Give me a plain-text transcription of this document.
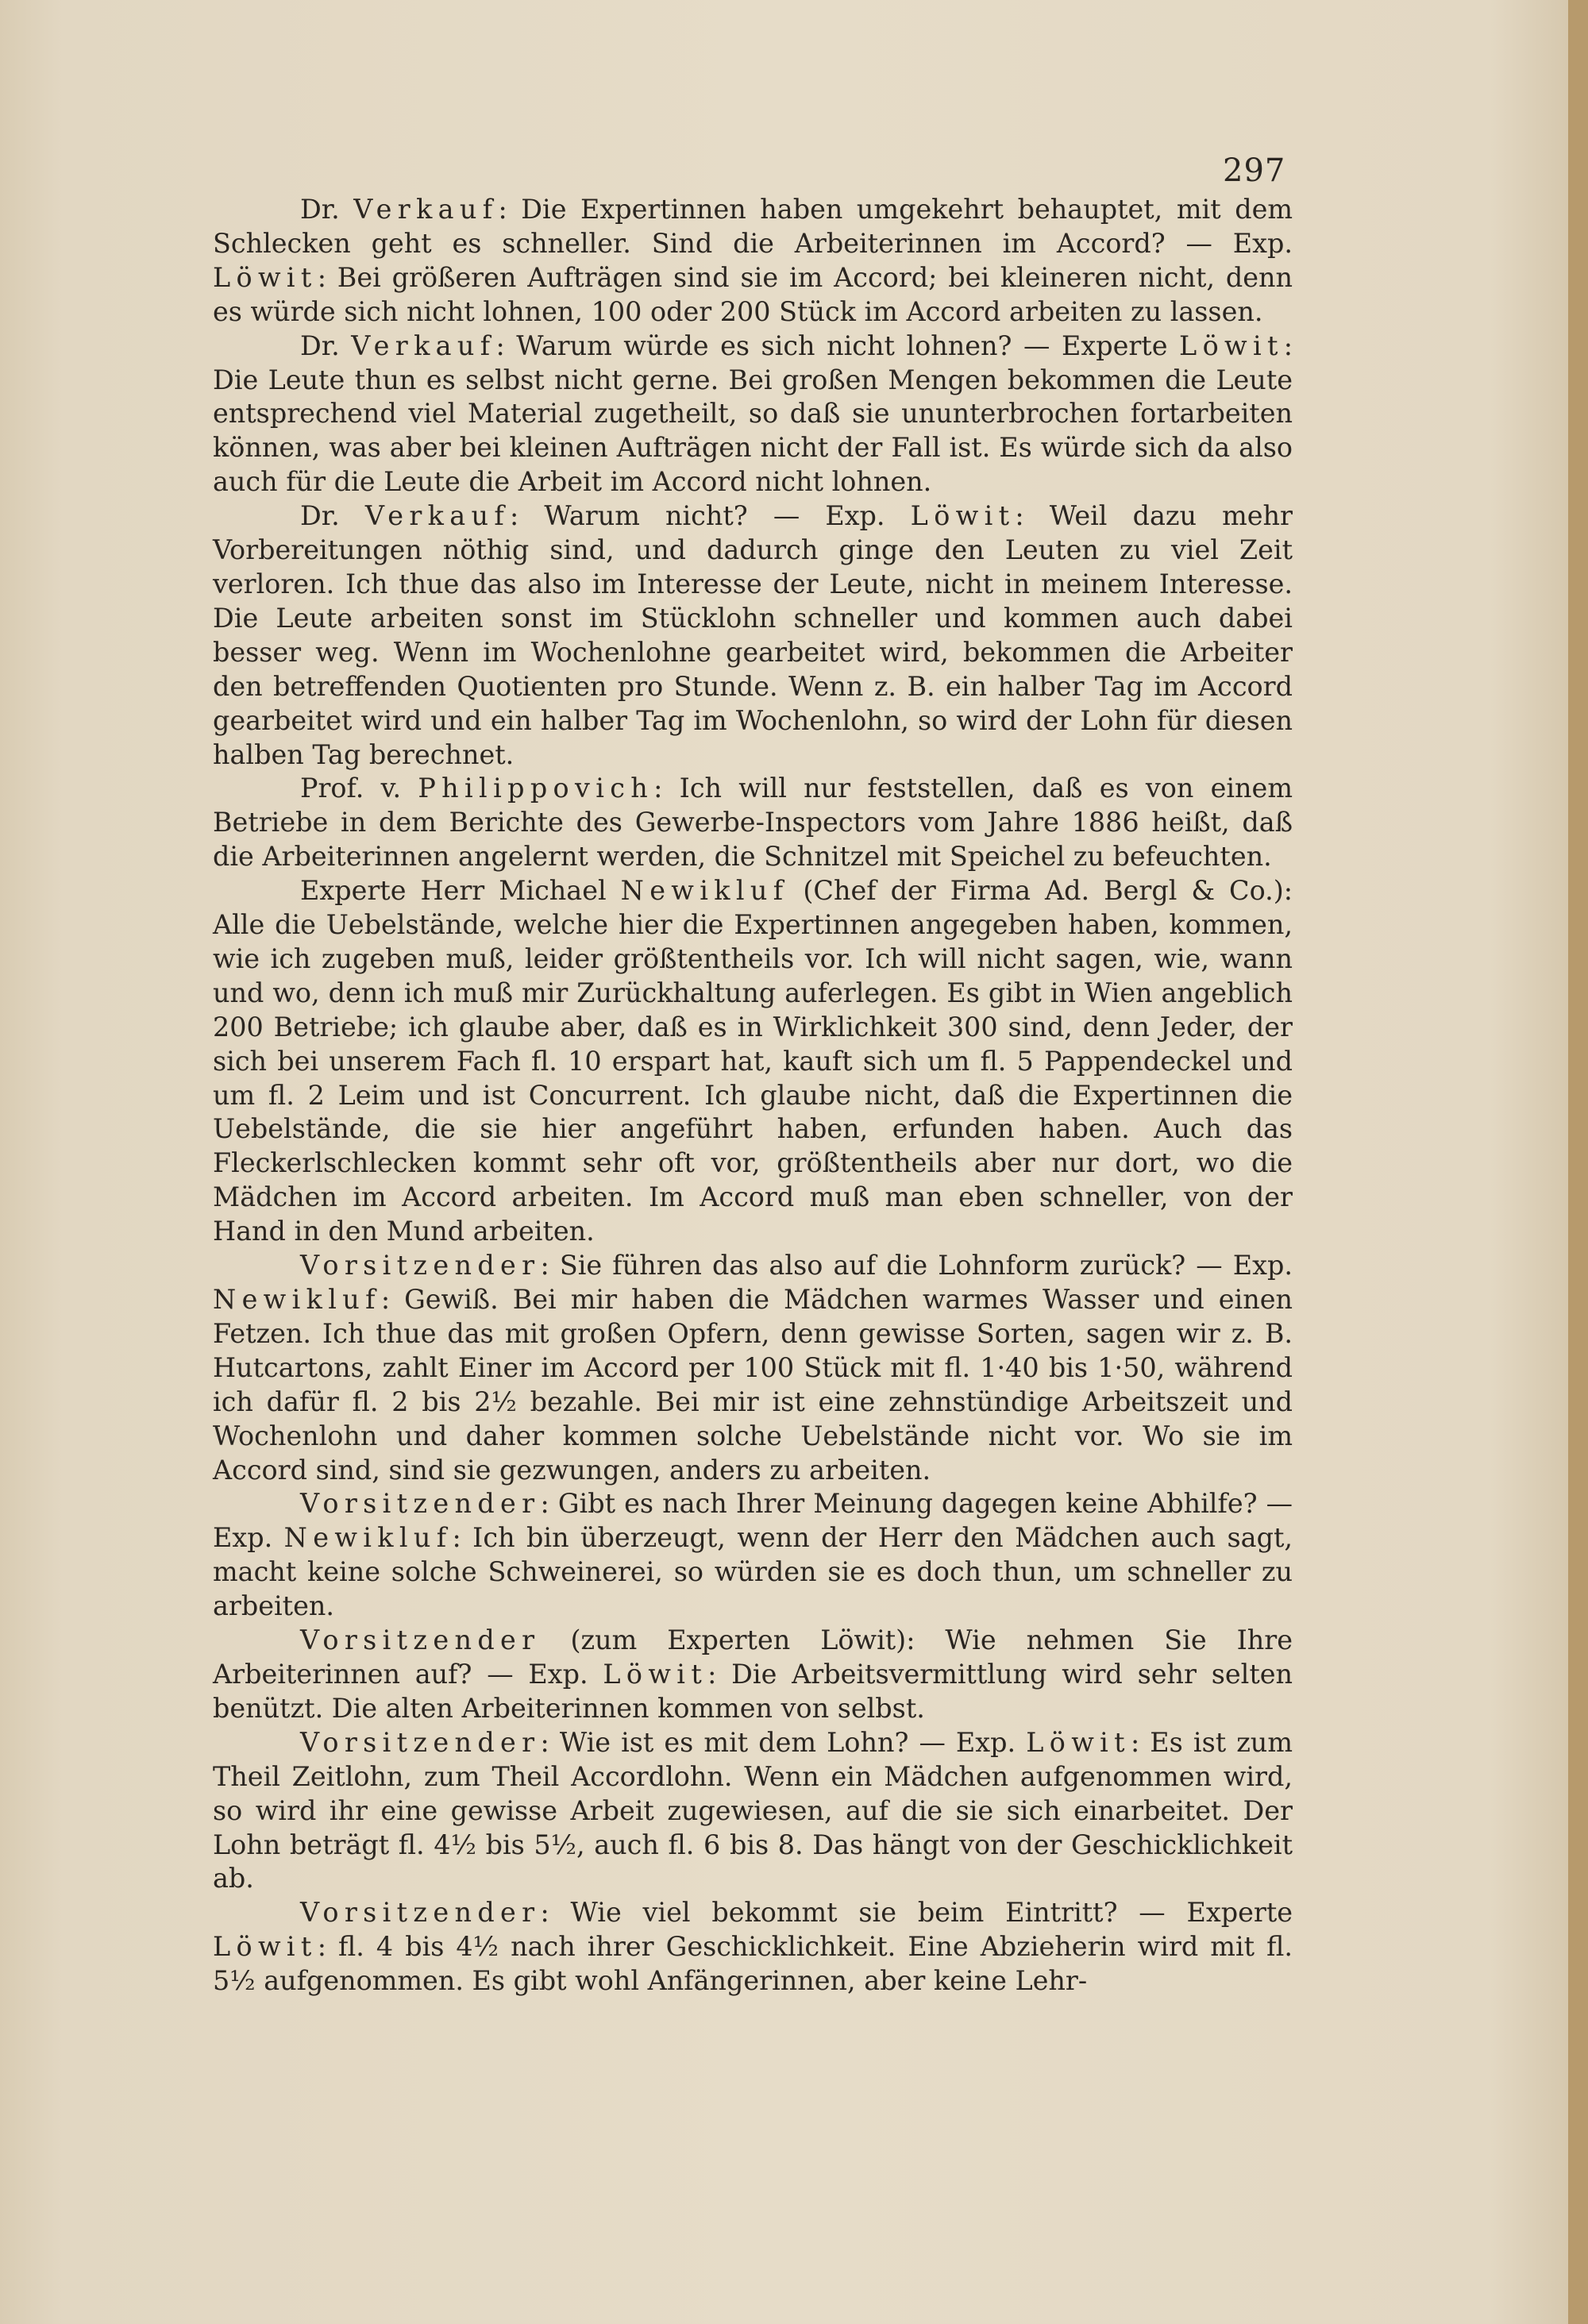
297

Dr. Verkauf: Die Expertinnen haben umgekehrt behauptet, mit dem Schlecken geht es schneller. Sind die Arbeiterinnen im Accord? — Exp. Löwit: Bei größeren Aufträgen sind sie im Accord; bei kleineren nicht, denn es würde sich nicht lohnen, 100 oder 200 Stück im Accord arbeiten zu lassen.

Dr. Verkauf: Warum würde es sich nicht lohnen? — Experte Löwit: Die Leute thun es selbst nicht gerne. Bei großen Mengen bekommen die Leute entsprechend viel Material zugetheilt, so daß sie ununterbrochen fortarbeiten können, was aber bei kleinen Aufträgen nicht der Fall ist. Es würde sich da also auch für die Leute die Arbeit im Accord nicht lohnen.

Dr. Verkauf: Warum nicht? — Exp. Löwit: Weil dazu mehr Vorbereitungen nöthig sind, und dadurch ginge den Leuten zu viel Zeit verloren. Ich thue das also im Interesse der Leute, nicht in meinem Interesse. Die Leute arbeiten sonst im Stücklohn schneller und kommen auch dabei besser weg. Wenn im Wochenlohne gearbeitet wird, bekommen die Arbeiter den betreffenden Quotienten pro Stunde. Wenn z. B. ein halber Tag im Accord gearbeitet wird und ein halber Tag im Wochenlohn, so wird der Lohn für diesen halben Tag berechnet.

Prof. v. Philippovich: Ich will nur feststellen, daß es von einem Betriebe in dem Berichte des Gewerbe-Inspectors vom Jahre 1886 heißt, daß die Arbeiterinnen angelernt werden, die Schnitzel mit Speichel zu befeuchten.

Experte Herr Michael Newikluf (Chef der Firma Ad. Bergl & Co.): Alle die Uebelstände, welche hier die Expertinnen angegeben haben, kommen, wie ich zugeben muß, leider größtentheils vor. Ich will nicht sagen, wie, wann und wo, denn ich muß mir Zurückhaltung auferlegen. Es gibt in Wien angeblich 200 Betriebe; ich glaube aber, daß es in Wirklichkeit 300 sind, denn Jeder, der sich bei unserem Fach fl. 10 erspart hat, kauft sich um fl. 5 Pappendeckel und um fl. 2 Leim und ist Concurrent. Ich glaube nicht, daß die Expertinnen die Uebelstände, die sie hier angeführt haben, erfunden haben. Auch das Fleckerlschlecken kommt sehr oft vor, größtentheils aber nur dort, wo die Mädchen im Accord arbeiten. Im Accord muß man eben schneller, von der Hand in den Mund arbeiten.

Vorsitzender: Sie führen das also auf die Lohnform zurück? — Exp. Newikluf: Gewiß. Bei mir haben die Mädchen warmes Wasser und einen Fetzen. Ich thue das mit großen Opfern, denn gewisse Sorten, sagen wir z. B. Hutcartons, zahlt Einer im Accord per 100 Stück mit fl. 1·40 bis 1·50, während ich dafür fl. 2 bis 2½ bezahle. Bei mir ist eine zehnstündige Arbeitszeit und Wochenlohn und daher kommen solche Uebelstände nicht vor. Wo sie im Accord sind, sind sie gezwungen, anders zu arbeiten.

Vorsitzender: Gibt es nach Ihrer Meinung dagegen keine Abhilfe? — Exp. Newikluf: Ich bin überzeugt, wenn der Herr den Mädchen auch sagt, macht keine solche Schweinerei, so würden sie es doch thun, um schneller zu arbeiten.

Vorsitzender (zum Experten Löwit): Wie nehmen Sie Ihre Arbeiterinnen auf? — Exp. Löwit: Die Arbeitsvermittlung wird sehr selten benützt. Die alten Arbeiterinnen kommen von selbst.

Vorsitzender: Wie ist es mit dem Lohn? — Exp. Löwit: Es ist zum Theil Zeitlohn, zum Theil Accordlohn. Wenn ein Mädchen aufgenommen wird, so wird ihr eine gewisse Arbeit zugewiesen, auf die sie sich einarbeitet. Der Lohn beträgt fl. 4½ bis 5½, auch fl. 6 bis 8. Das hängt von der Geschicklichkeit ab.

Vorsitzender: Wie viel bekommt sie beim Eintritt? — Experte Löwit: fl. 4 bis 4½ nach ihrer Geschicklichkeit. Eine Abzieherin wird mit fl. 5½ aufgenommen. Es gibt wohl Anfängerinnen, aber keine Lehr-
